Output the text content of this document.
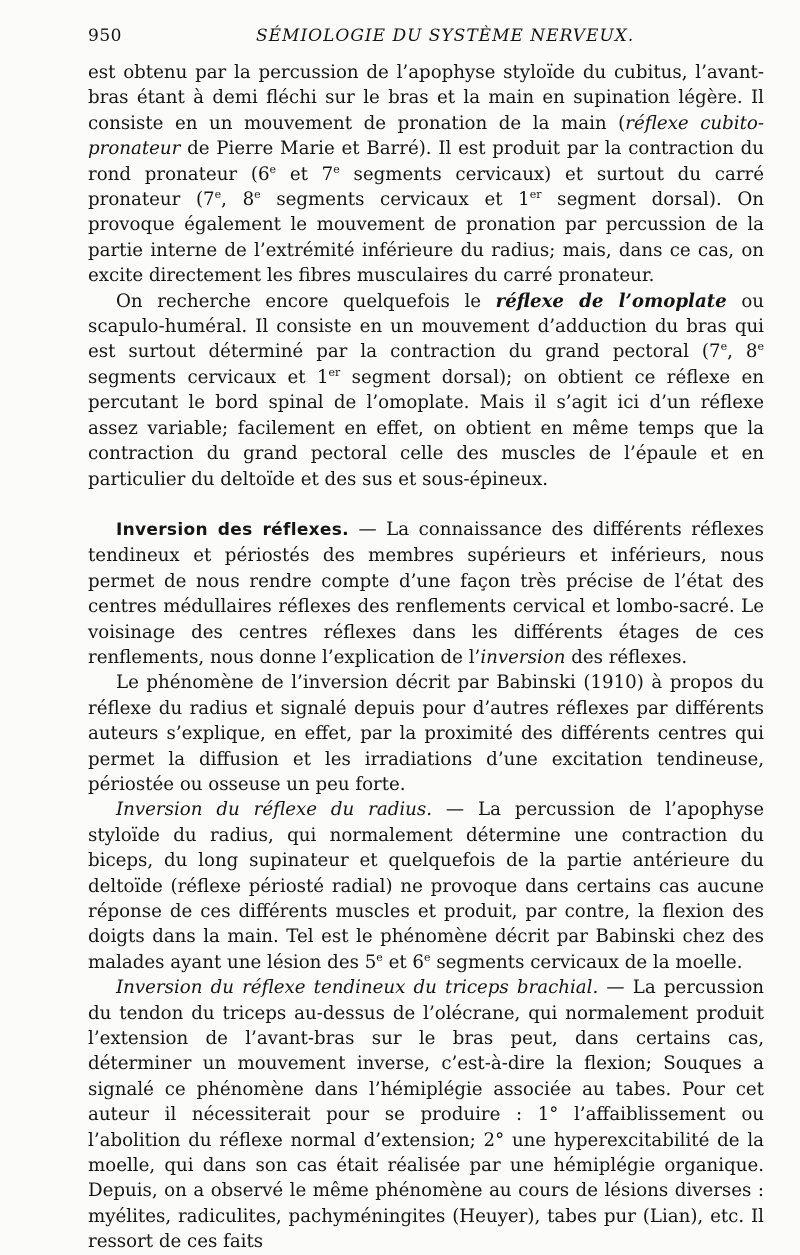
950	SÉMIOLOGIE DU SYSTÈME NERVEUX.

est obtenu par la percussion de l’apophyse styloïde du cubitus, l’avant-bras étant à demi fléchi sur le bras et la main en supination légère. Il consiste en un mouvement de pronation de la main (réflexe cubito-pronateur de Pierre Marie et Barré). Il est produit par la contraction du rond pronateur (6e et 7e segments cervicaux) et surtout du carré pronateur (7e, 8e segments cervicaux et 1er segment dorsal). On provoque également le mouvement de pronation par percussion de la partie interne de l’extrémité inférieure du radius; mais, dans ce cas, on excite directement les fibres musculaires du carré pronateur.

On recherche encore quelquefois le réflexe de l’omoplate ou scapulo-huméral. Il consiste en un mouvement d’adduction du bras qui est surtout déterminé par la contraction du grand pectoral (7e, 8e segments cervicaux et 1er segment dorsal); on obtient ce réflexe en percutant le bord spinal de l’omoplate. Mais il s’agit ici d’un réflexe assez variable; facilement en effet, on obtient en même temps que la contraction du grand pectoral celle des muscles de l’épaule et en particulier du deltoïde et des sus et sous-épineux.

Inversion des réflexes. — La connaissance des différents réflexes tendineux et périostés des membres supérieurs et inférieurs, nous permet de nous rendre compte d’une façon très précise de l’état des centres médullaires réflexes des renflements cervical et lombo-sacré. Le voisinage des centres réflexes dans les différents étages de ces renflements, nous donne l’explication de l’inversion des réflexes.

Le phénomène de l’inversion décrit par Babinski (1910) à propos du réflexe du radius et signalé depuis pour d’autres réflexes par différents auteurs s’explique, en effet, par la proximité des différents centres qui permet la diffusion et les irradiations d’une excitation tendineuse, périostée ou osseuse un peu forte.

Inversion du réflexe du radius. — La percussion de l’apophyse styloïde du radius, qui normalement détermine une contraction du biceps, du long supinateur et quelquefois de la partie antérieure du deltoïde (réflexe périosté radial) ne provoque dans certains cas aucune réponse de ces différents muscles et produit, par contre, la flexion des doigts dans la main. Tel est le phénomène décrit par Babinski chez des malades ayant une lésion des 5e et 6e segments cervicaux de la moelle.

Inversion du réflexe tendineux du triceps brachial. — La percussion du tendon du triceps au-dessus de l’olécrane, qui normalement produit l’extension de l’avant-bras sur le bras peut, dans certains cas, déterminer un mouvement inverse, c’est-à-dire la flexion; Souques a signalé ce phénomène dans l’hémiplégie associée au tabes. Pour cet auteur il nécessiterait pour se produire : 1° l’affaiblissement ou l’abolition du réflexe normal d’extension; 2° une hyperexcitabilité de la moelle, qui dans son cas était réalisée par une hémiplégie organique. Depuis, on a observé le même phénomène au cours de lésions diverses : myélites, radiculites, pachyméningites (Heuyer), tabes pur (Lian), etc. Il ressort de ces faits
